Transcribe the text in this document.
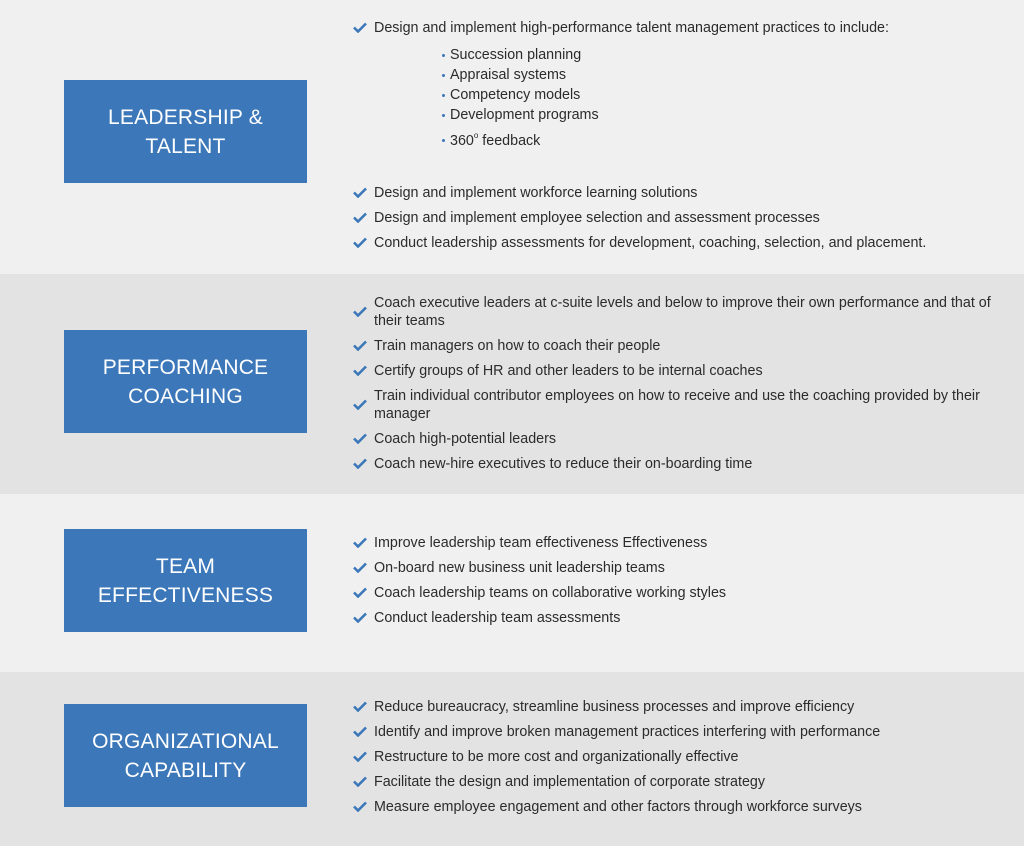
LEADERSHIP &
TALENT
Design and implement high-performance talent management practices to include:
Succession planning
Appraisal systems
Competency models
Development programs
360$^o$ feedback
Design and implement workforce learning solutions
Design and implement employee selection and assessment processes
Conduct leadership assessments for development, coaching, selection, and placement.
PERFORMANCE
COACHING
Coach executive leaders at c-suite levels and below to improve their own performance and that of their teams
Train managers on how to coach their people
Certify groups of HR and other leaders to be internal coaches
Train individual contributor employees on how to receive and use the coaching provided by their manager
Coach high-potential leaders
Coach new-hire executives to reduce their on-boarding time
TEAM
EFFECTIVENESS
Improve leadership team effectiveness Effectiveness
On-board new business unit leadership teams
Coach leadership teams on collaborative working styles
Conduct leadership team assessments
ORGANIZATIONAL
CAPABILITY
Reduce bureaucracy, streamline business processes and improve efficiency
Identify and improve broken management practices interfering with performance
Restructure to be more cost and organizationally effective
Facilitate the design and implementation of corporate strategy
Measure employee engagement and other factors through workforce surveys
